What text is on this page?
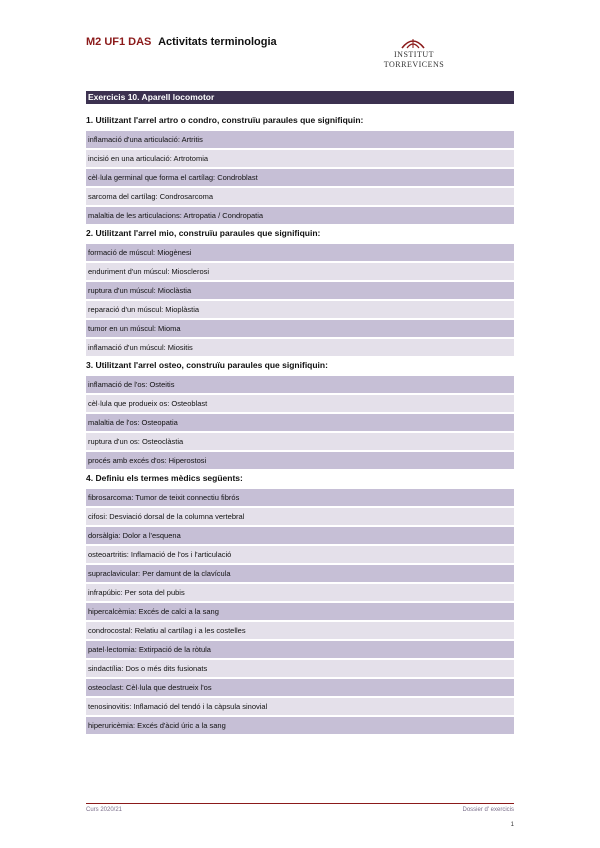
M2 UF1 DAS Activitats terminologia
INSTITUT
TORREVICENS
Exercicis 10. Aparell locomotor
1. Utilitzant l'arrel artro o condro, construïu paraules que signifiquin:
inflamació d'una articulació: Artritis
incisió en una articulació: Artrotomia
cèl·lula germinal que forma el cartílag: Condroblast
sarcoma del cartílag: Condrosarcoma
malaltia de les articulacions: Artropatia / Condropatia
2. Utilitzant l'arrel mio, construïu paraules que signifiquin:
formació de múscul: Miogènesi
enduriment d'un múscul: Miosclerosi
ruptura d'un múscul: Mioclàstia
reparació d'un múscul: Mioplàstia
tumor en un múscul: Mioma
inflamació d'un múscul: Miositis
3. Utilitzant l'arrel osteo, construïu paraules que signifiquin:
inflamació de l'os: Osteitis
cèl·lula que produeix os: Osteoblast
malaltia de l'os: Osteopatia
ruptura d'un os: Osteoclàstia
procés amb excés d'os: Hiperostosi
4. Definiu els termes mèdics següents:
fibrosarcoma: Tumor de teixit connectiu fibrós
cifosi: Desviació dorsal de la columna vertebral
dorsàlgia: Dolor a l'esquena
osteoartritis: Inflamació de l'os i l'articulació
supraclavicular: Per damunt de la clavícula
infrapúbic: Per sota del pubis
hipercalcèmia: Excés de calci a la sang
condrocostal: Relatiu al cartílag i a les costelles
patel·lectomia: Extirpació de la ròtula
sindactília: Dos o més dits fusionats
osteoclast: Cèl·lula que destrueix l'os
tenosinovitis: Inflamació del tendó i la càpsula sinovial
hiperuricèmia: Excés d'àcid úric a la sang
Curs 2020/21	Dossier d' exercicis
1
